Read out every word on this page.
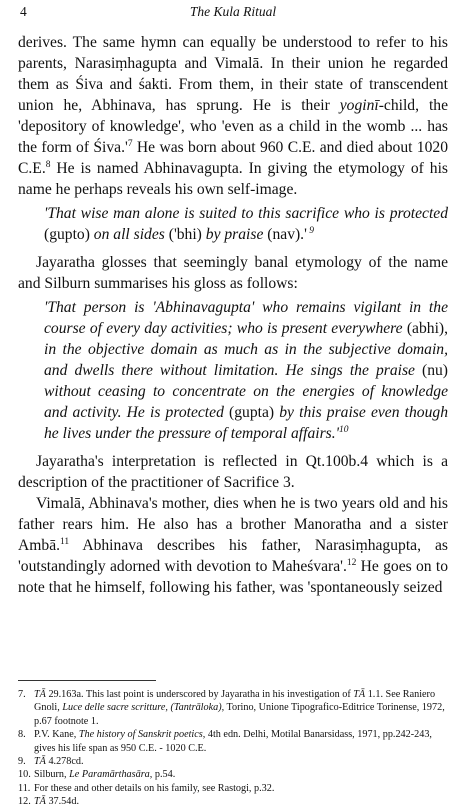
4	The Kula Ritual

derives. The same hymn can equally be understood to refer to his parents, Narasiṃhagupta and Vimalā. In their union he regarded them as Śiva and śakti. From them, in their state of transcendent union he, Abhinava, has sprung. He is their yoginī-child, the 'depository of knowledge', who 'even as a child in the womb ... has the form of $Śiva.'^7$ He was born about 960 C.E. and died about 1020 C.E.$^8$ He is named Abhinavagupta. In giving the etymology of his name he perhaps reveals his own self-image.

'That wise man alone is suited to this sacrifice who is protected (gupto) on all sides ('bhi) by praise (nav).' $^9$

Jayaratha glosses that seemingly banal etymology of the name and Silburn summarises his gloss as follows:

'That person is 'Abhinavagupta' who remains vigilant in the course of every day activities; who is present everywhere (abhi), in the objective domain as much as in the subjective domain, and dwells there without limitation. He sings the praise (nu) without ceasing to concentrate on the energies of knowledge and activity. He is protected (gupta) by this praise even though he lives under the pressure of temporal $affairs.'^{10}$

Jayaratha's interpretation is reflected in Qt.100b.4 which is a description of the practitioner of Sacrifice 3.

Vimalā, Abhinava's mother, dies when he is two years old and his father rears him. He also has a brother Manoratha and a sister Ambā.$^{11}$ Abhinava describes his father, Narasiṃhagupta, as 'outstandingly adorned with devotion to Maheśvara'.$^{12}$ He goes on to note that he himself, following his father, was 'spontaneously seized

7. TĀ 29.163a. This last point is underscored by Jayaratha in his investigation of TĀ 1.1. See Raniero Gnoli, Luce delle sacre scritture, (Tantrāloka), Torino, Unione Tipografico-Editrice Torinense, 1972, p.67 footnote 1.
8. P.V. Kane, The history of Sanskrit poetics, 4th edn. Delhi, Motilal Banarsidass, 1971, pp.242-243, gives his life span as 950 C.E. - 1020 C.E.
9. TĀ 4.278cd.
10. Silburn, Le Paramārthasāra, p.54.
11. For these and other details on his family, see Rastogi, p.32.
12. TĀ 37.54d.
